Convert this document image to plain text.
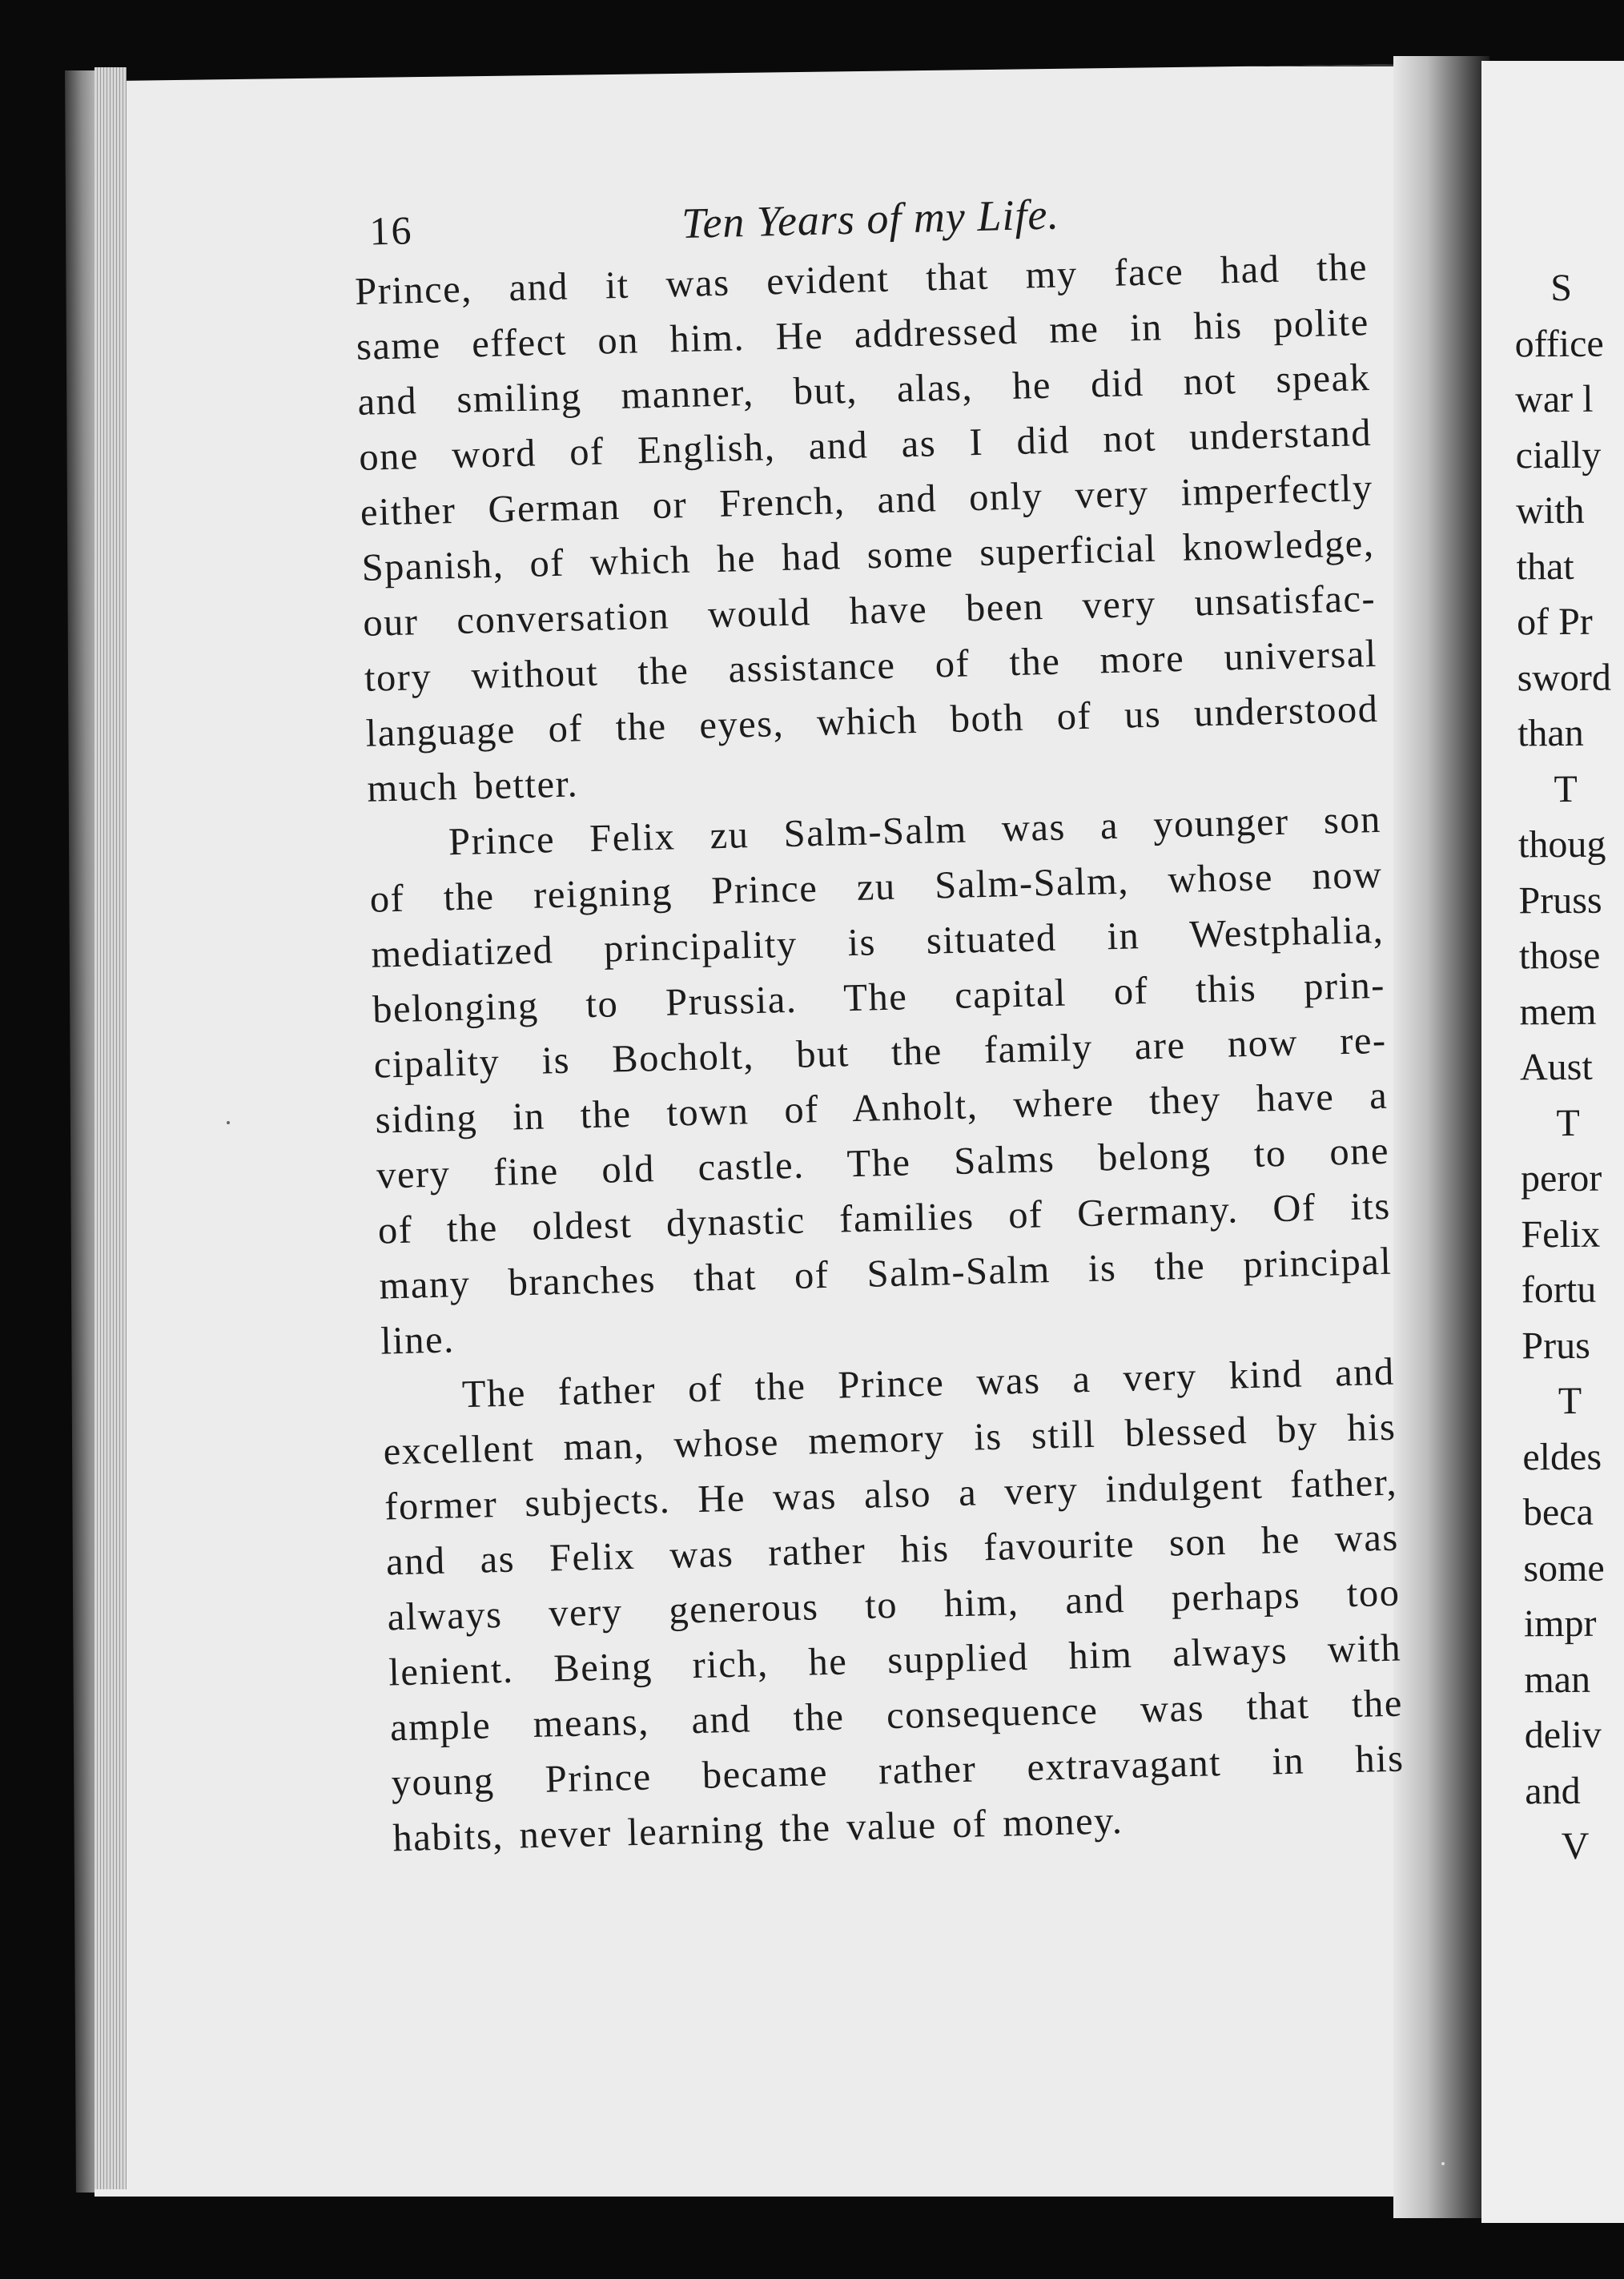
16	Ten Years of my Life.
Prince, and it was evident that my face had the
same effect on him. He addressed me in his polite
and smiling manner, but, alas, he did not speak
one word of English, and as I did not understand
either German or French, and only very imperfectly
Spanish, of which he had some superficial knowledge,
our conversation would have been very unsatisfac-
tory without the assistance of the more universal
language of the eyes, which both of us understood
much better.
Prince Felix zu Salm-Salm was a younger son
of the reigning Prince zu Salm-Salm, whose now
mediatized principality is situated in Westphalia,
belonging to Prussia. The capital of this prin-
cipality is Bocholt, but the family are now re-
siding in the town of Anholt, where they have a
very fine old castle. The Salms belong to one
of the oldest dynastic families of Germany. Of its
many branches that of Salm-Salm is the principal
line.
The father of the Prince was a very kind and
excellent man, whose memory is still blessed by his
former subjects. He was also a very indulgent father,
and as Felix was rather his favourite son he was
always very generous to him, and perhaps too
lenient. Being rich, he supplied him always with
ample means, and the consequence was that the
young Prince became rather extravagant in his
habits, never learning the value of money.
S
office
war l
cially
with
that
of Pr
sword
than
T
thoug
Pruss
those
mem
Aust
T
peror
Felix
fortu
Prus
T
eldes
beca
some
impr
man
deliv
and
V
